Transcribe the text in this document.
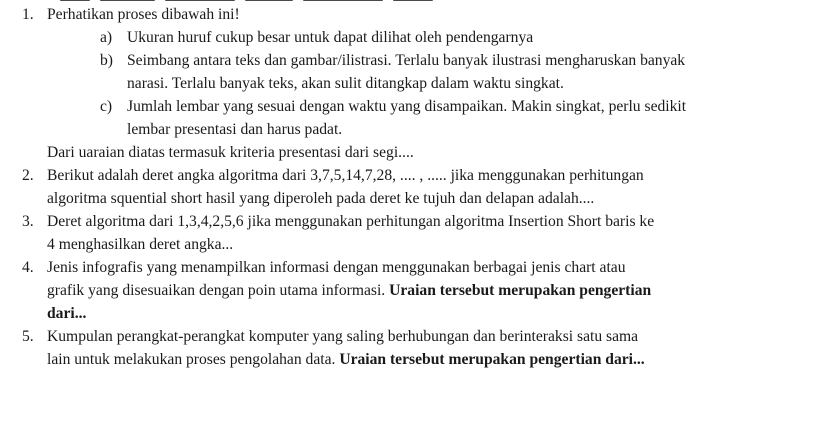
1. Perhatikan proses dibawah ini!
a) Ukuran huruf cukup besar untuk dapat dilihat oleh pendengarnya
b) Seimbang antara teks dan gambar/ilistrasi. Terlalu banyak ilustrasi mengharuskan banyak
narasi. Terlalu banyak teks, akan sulit ditangkap dalam waktu singkat.
c) Jumlah lembar yang sesuai dengan waktu yang disampaikan. Makin singkat, perlu sedikit
lembar presentasi dan harus padat.
Dari uaraian diatas termasuk kriteria presentasi dari segi....
2. Berikut adalah deret angka algoritma dari 3,7,5,14,7,28, .... , ..... jika menggunakan perhitungan
algoritma squential short hasil yang diperoleh pada deret ke tujuh dan delapan adalah....
3. Deret algoritma dari 1,3,4,2,5,6 jika menggunakan perhitungan algoritma Insertion Short baris ke
4 menghasilkan deret angka...
4. Jenis infografis yang menampilkan informasi dengan menggunakan berbagai jenis chart atau
grafik yang disesuaikan dengan poin utama informasi. Uraian tersebut merupakan pengertian
dari...
5. Kumpulan perangkat-perangkat komputer yang saling berhubungan dan berinteraksi satu sama
lain untuk melakukan proses pengolahan data. Uraian tersebut merupakan pengertian dari...
